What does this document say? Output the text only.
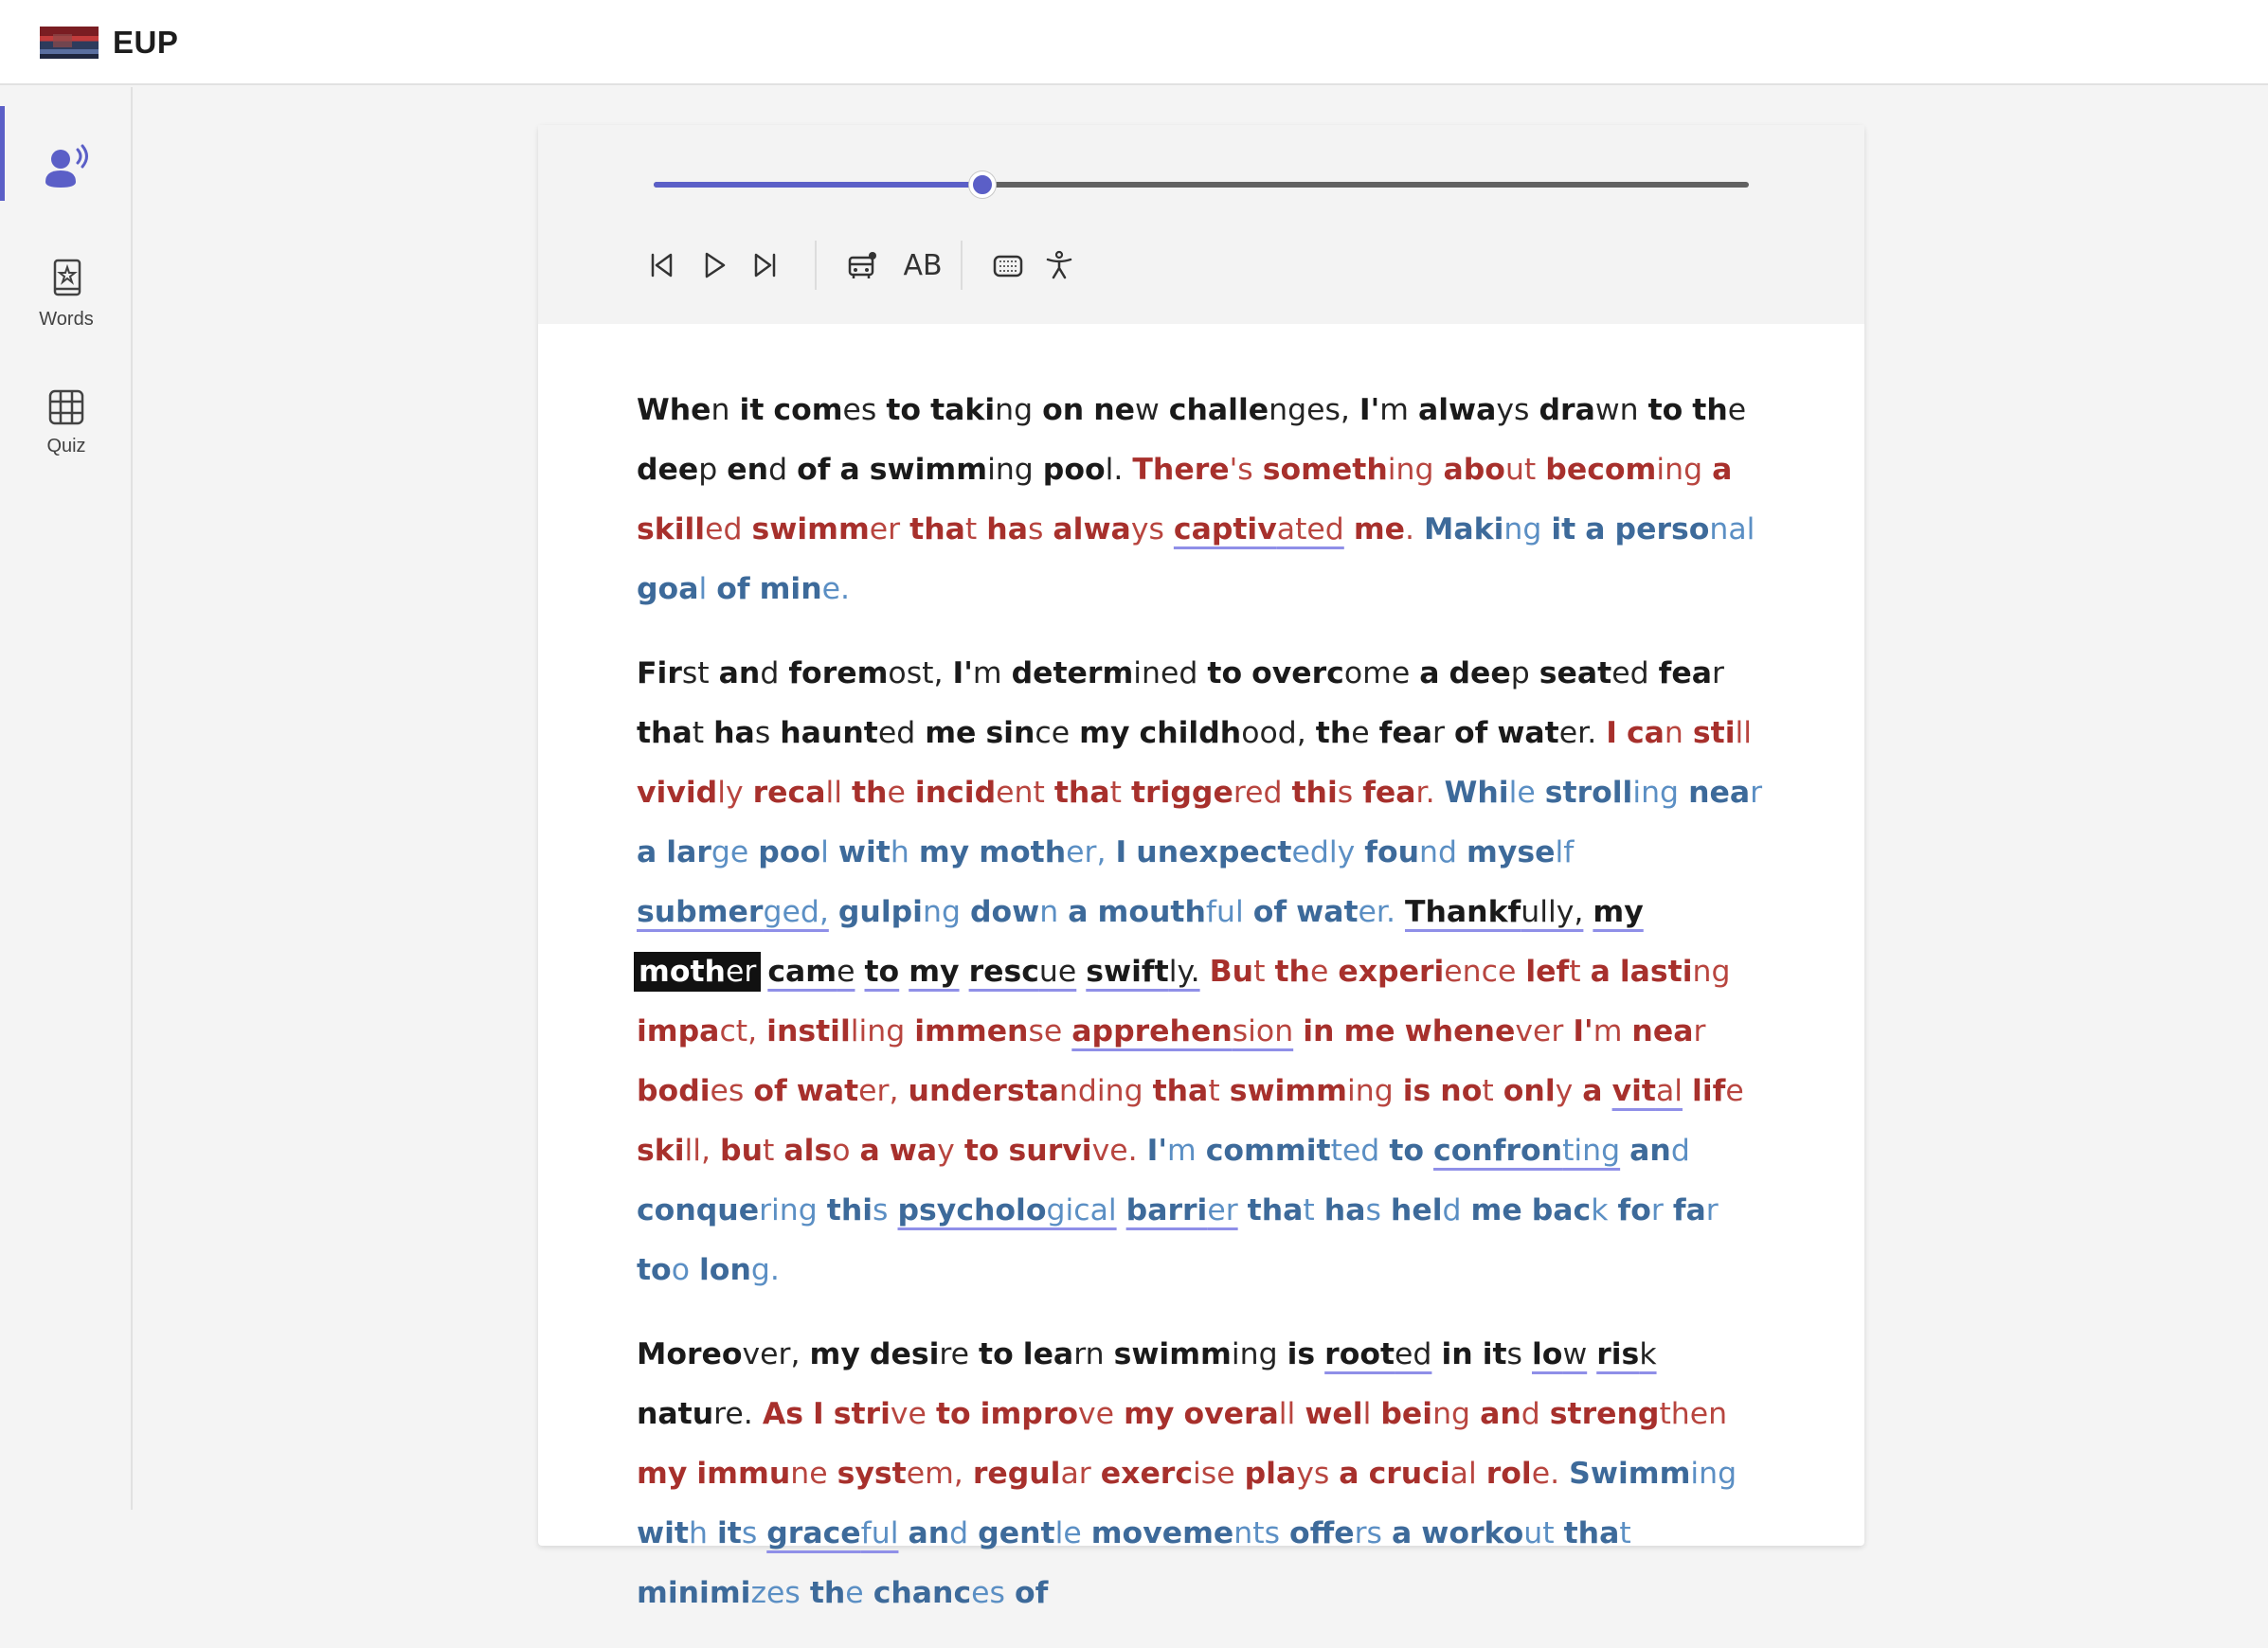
EUP
Words
Quiz
AB

When it comes to taking on new challenges, I'm always drawn to the deep end of a swimming pool. There's something about becoming a skilled swimmer that has always captivated me. Making it a personal goal of mine.

First and foremost, I'm determined to overcome a deep seated fear that has haunted me since my childhood, the fear of water. I can still vividly recall the incident that triggered this fear. While strolling near a large pool with my mother, I unexpectedly found myself submerged, gulping down a mouthful of water. Thankfully, my mother came to my rescue swiftly. But the experience left a lasting impact, instilling immense apprehension in me whenever I'm near bodies of water, understanding that swimming is not only a vital life skill, but also a way to survive. I'm committed to confronting and conquering this psychological barrier that has held me back for far too long.

Moreover, my desire to learn swimming is rooted in its low risk nature. As I strive to improve my overall well being and strengthen my immune system, regular exercise plays a crucial role. Swimming with its graceful and gentle movements offers a workout that minimizes the chances of
